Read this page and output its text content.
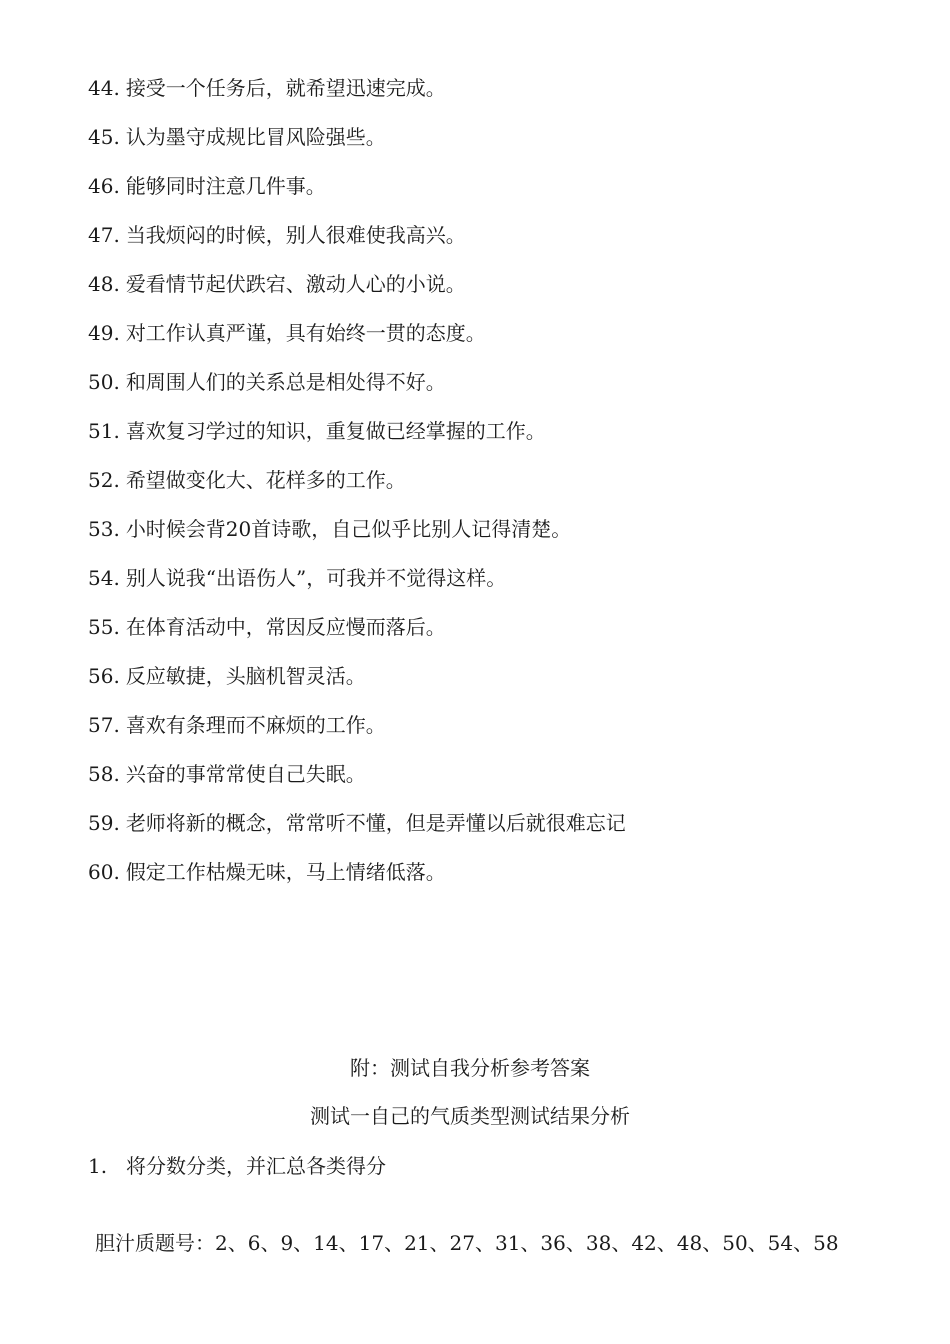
44. 接受一个任务后，就希望迅速完成。
45. 认为墨守成规比冒风险强些。
46. 能够同时注意几件事。
47. 当我烦闷的时候，别人很难使我高兴。
48. 爱看情节起伏跌宕、激动人心的小说。
49. 对工作认真严谨，具有始终一贯的态度。
50. 和周围人们的关系总是相处得不好。
51. 喜欢复习学过的知识，重复做已经掌握的工作。
52. 希望做变化大、花样多的工作。
53. 小时候会背20首诗歌，自己似乎比别人记得清楚。
54. 别人说我“出语伤人”，可我并不觉得这样。
55. 在体育活动中，常因反应慢而落后。
56. 反应敏捷，头脑机智灵活。
57. 喜欢有条理而不麻烦的工作。
58. 兴奋的事常常使自己失眠。
59. 老师将新的概念，常常听不懂，但是弄懂以后就很难忘记
60. 假定工作枯燥无味，马上情绪低落。
附：测试自我分析参考答案
测试一自己的气质类型测试结果分析
1. 将分数分类，并汇总各类得分
胆汁质题号：2、6、9、14、17、21、27、31、36、38、42、48、50、54、58
